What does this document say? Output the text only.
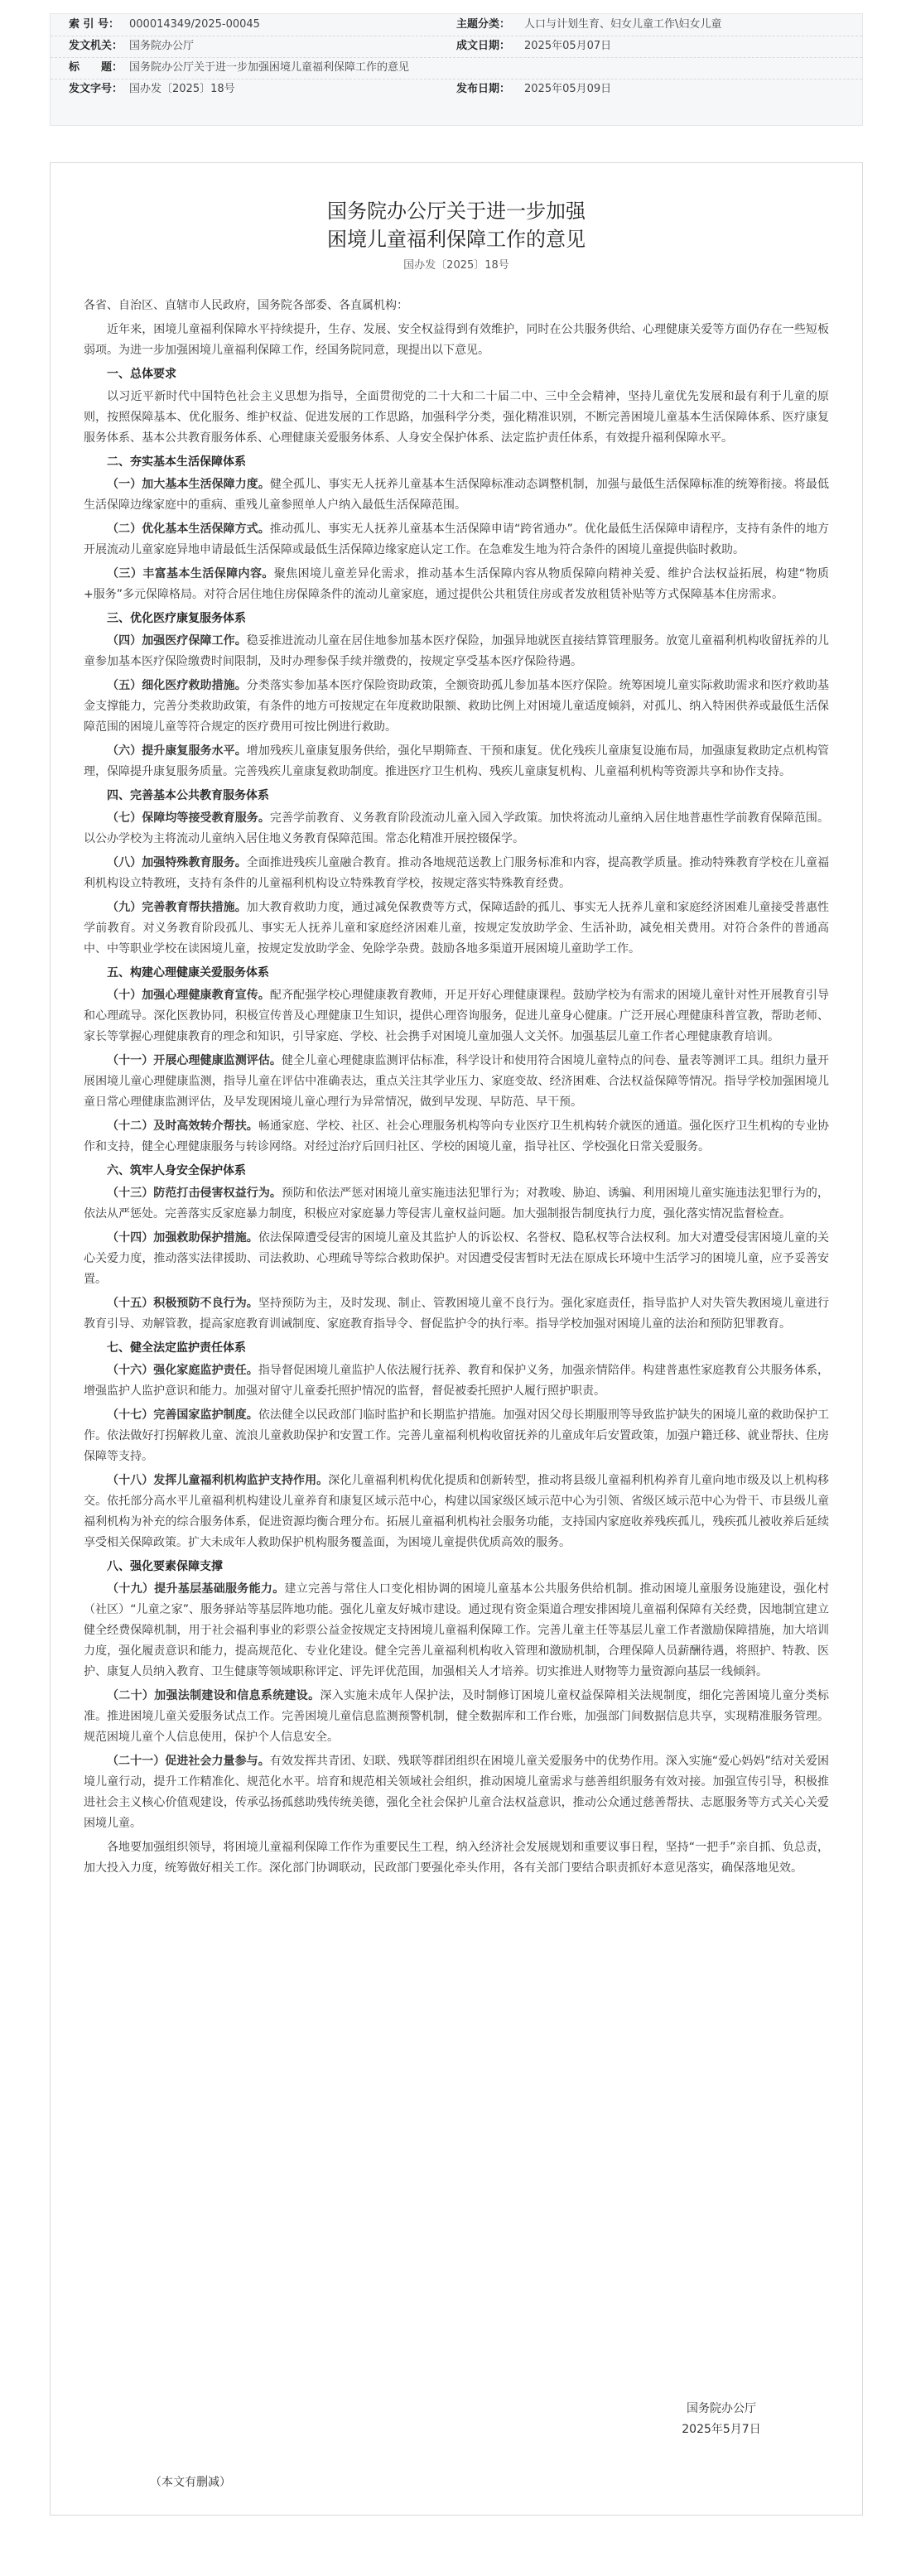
索 引 号： 000014349/2025-00045	主题分类： 人口与计划生育、妇女儿童工作\妇女儿童
发文机关： 国务院办公厅	成文日期： 2025年05月07日
标　　题： 国务院办公厅关于进一步加强困境儿童福利保障工作的意见
发文字号： 国办发〔2025〕18号	发布日期： 2025年05月09日
国务院办公厅关于进一步加强
困境儿童福利保障工作的意见
国办发〔2025〕18号

各省、自治区、直辖市人民政府，国务院各部委、各直属机构：

近年来，困境儿童福利保障水平持续提升，生存、发展、安全权益得到有效维护，同时在公共服务供给、心理健康关爱等方面仍存在一些短板弱项。为进一步加强困境儿童福利保障工作，经国务院同意，现提出以下意见。

一、总体要求

以习近平新时代中国特色社会主义思想为指导，全面贯彻党的二十大和二十届二中、三中全会精神，坚持儿童优先发展和最有利于儿童的原则，按照保障基本、优化服务、维护权益、促进发展的工作思路，加强科学分类，强化精准识别，不断完善困境儿童基本生活保障体系、医疗康复服务体系、基本公共教育服务体系、心理健康关爱服务体系、人身安全保护体系、法定监护责任体系，有效提升福利保障水平。

二、夯实基本生活保障体系

（一）加大基本生活保障力度。健全孤儿、事实无人抚养儿童基本生活保障标准动态调整机制，加强与最低生活保障标准的统筹衔接。将最低生活保障边缘家庭中的重病、重残儿童参照单人户纳入最低生活保障范围。

（二）优化基本生活保障方式。推动孤儿、事实无人抚养儿童基本生活保障申请“跨省通办”。优化最低生活保障申请程序，支持有条件的地方开展流动儿童家庭异地申请最低生活保障或最低生活保障边缘家庭认定工作。在急难发生地为符合条件的困境儿童提供临时救助。

（三）丰富基本生活保障内容。聚焦困境儿童差异化需求，推动基本生活保障内容从物质保障向精神关爱、维护合法权益拓展，构建“物质+服务”多元保障格局。对符合居住地住房保障条件的流动儿童家庭，通过提供公共租赁住房或者发放租赁补贴等方式保障基本住房需求。

三、优化医疗康复服务体系

（四）加强医疗保障工作。稳妥推进流动儿童在居住地参加基本医疗保险，加强异地就医直接结算管理服务。放宽儿童福利机构收留抚养的儿童参加基本医疗保险缴费时间限制，及时办理参保手续并缴费的，按规定享受基本医疗保险待遇。

（五）细化医疗救助措施。分类落实参加基本医疗保险资助政策，全额资助孤儿参加基本医疗保险。统筹困境儿童实际救助需求和医疗救助基金支撑能力，完善分类救助政策，有条件的地方可按规定在年度救助限额、救助比例上对困境儿童适度倾斜，对孤儿、纳入特困供养或最低生活保障范围的困境儿童等符合规定的医疗费用可按比例进行救助。

（六）提升康复服务水平。增加残疾儿童康复服务供给，强化早期筛查、干预和康复。优化残疾儿童康复设施布局，加强康复救助定点机构管理，保障提升康复服务质量。完善残疾儿童康复救助制度。推进医疗卫生机构、残疾儿童康复机构、儿童福利机构等资源共享和协作支持。

四、完善基本公共教育服务体系

（七）保障均等接受教育服务。完善学前教育、义务教育阶段流动儿童入园入学政策。加快将流动儿童纳入居住地普惠性学前教育保障范围。以公办学校为主将流动儿童纳入居住地义务教育保障范围。常态化精准开展控辍保学。

（八）加强特殊教育服务。全面推进残疾儿童融合教育。推动各地规范送教上门服务标准和内容，提高教学质量。推动特殊教育学校在儿童福利机构设立特教班，支持有条件的儿童福利机构设立特殊教育学校，按规定落实特殊教育经费。

（九）完善教育帮扶措施。加大教育救助力度，通过减免保教费等方式，保障适龄的孤儿、事实无人抚养儿童和家庭经济困难儿童接受普惠性学前教育。对义务教育阶段孤儿、事实无人抚养儿童和家庭经济困难儿童，按规定发放助学金、生活补助，减免相关费用。对符合条件的普通高中、中等职业学校在读困境儿童，按规定发放助学金、免除学杂费。鼓励各地多渠道开展困境儿童助学工作。

五、构建心理健康关爱服务体系

（十）加强心理健康教育宣传。配齐配强学校心理健康教育教师，开足开好心理健康课程。鼓励学校为有需求的困境儿童针对性开展教育引导和心理疏导。深化医教协同，积极宣传普及心理健康卫生知识，提供心理咨询服务，促进儿童身心健康。广泛开展心理健康科普宣教，帮助老师、家长等掌握心理健康教育的理念和知识，引导家庭、学校、社会携手对困境儿童加强人文关怀。加强基层儿童工作者心理健康教育培训。

（十一）开展心理健康监测评估。健全儿童心理健康监测评估标准，科学设计和使用符合困境儿童特点的问卷、量表等测评工具。组织力量开展困境儿童心理健康监测，指导儿童在评估中准确表达，重点关注其学业压力、家庭变故、经济困难、合法权益保障等情况。指导学校加强困境儿童日常心理健康监测评估，及早发现困境儿童心理行为异常情况，做到早发现、早防范、早干预。

（十二）及时高效转介帮扶。畅通家庭、学校、社区、社会心理服务机构等向专业医疗卫生机构转介就医的通道。强化医疗卫生机构的专业协作和支持，健全心理健康服务与转诊网络。对经过治疗后回归社区、学校的困境儿童，指导社区、学校强化日常关爱服务。

六、筑牢人身安全保护体系

（十三）防范打击侵害权益行为。预防和依法严惩对困境儿童实施违法犯罪行为；对教唆、胁迫、诱骗、利用困境儿童实施违法犯罪行为的，依法从严惩处。完善落实反家庭暴力制度，积极应对家庭暴力等侵害儿童权益问题。加大强制报告制度执行力度，强化落实情况监督检查。

（十四）加强救助保护措施。依法保障遭受侵害的困境儿童及其监护人的诉讼权、名誉权、隐私权等合法权利。加大对遭受侵害困境儿童的关心关爱力度，推动落实法律援助、司法救助、心理疏导等综合救助保护。对因遭受侵害暂时无法在原成长环境中生活学习的困境儿童，应予妥善安置。

（十五）积极预防不良行为。坚持预防为主，及时发现、制止、管教困境儿童不良行为。强化家庭责任，指导监护人对失管失教困境儿童进行教育引导、劝解管教，提高家庭教育训诫制度、家庭教育指导令、督促监护令的执行率。指导学校加强对困境儿童的法治和预防犯罪教育。

七、健全法定监护责任体系

（十六）强化家庭监护责任。指导督促困境儿童监护人依法履行抚养、教育和保护义务，加强亲情陪伴。构建普惠性家庭教育公共服务体系，增强监护人监护意识和能力。加强对留守儿童委托照护情况的监督，督促被委托照护人履行照护职责。

（十七）完善国家监护制度。依法健全以民政部门临时监护和长期监护措施。加强对因父母长期服刑等导致监护缺失的困境儿童的救助保护工作。依法做好打拐解救儿童、流浪儿童救助保护和安置工作。完善儿童福利机构收留抚养的儿童成年后安置政策，加强户籍迁移、就业帮扶、住房保障等支持。

（十八）发挥儿童福利机构监护支持作用。深化儿童福利机构优化提质和创新转型，推动将县级儿童福利机构养育儿童向地市级及以上机构移交。依托部分高水平儿童福利机构建设儿童养育和康复区域示范中心，构建以国家级区域示范中心为引领、省级区域示范中心为骨干、市县级儿童福利机构为补充的综合服务体系，促进资源均衡合理分布。拓展儿童福利机构社会服务功能，支持国内家庭收养残疾孤儿，残疾孤儿被收养后延续享受相关保障政策。扩大未成年人救助保护机构服务覆盖面，为困境儿童提供优质高效的服务。

八、强化要素保障支撑

（十九）提升基层基础服务能力。建立完善与常住人口变化相协调的困境儿童基本公共服务供给机制。推动困境儿童服务设施建设，强化村（社区）“儿童之家”、服务驿站等基层阵地功能。强化儿童友好城市建设。通过现有资金渠道合理安排困境儿童福利保障有关经费，因地制宜建立健全经费保障机制，用于社会福利事业的彩票公益金按规定支持困境儿童福利保障工作。完善儿童主任等基层儿童工作者激励保障措施，加大培训力度，强化履责意识和能力，提高规范化、专业化建设。健全完善儿童福利机构收入管理和激励机制，合理保障人员薪酬待遇，将照护、特教、医护、康复人员纳入教育、卫生健康等领域职称评定、评先评优范围，加强相关人才培养。切实推进人财物等力量资源向基层一线倾斜。

（二十）加强法制建设和信息系统建设。深入实施未成年人保护法，及时制修订困境儿童权益保障相关法规制度，细化完善困境儿童分类标准。推进困境儿童关爱服务试点工作。完善困境儿童信息监测预警机制，健全数据库和工作台账，加强部门间数据信息共享，实现精准服务管理。规范困境儿童个人信息使用，保护个人信息安全。

（二十一）促进社会力量参与。有效发挥共青团、妇联、残联等群团组织在困境儿童关爱服务中的优势作用。深入实施“爱心妈妈”结对关爱困境儿童行动，提升工作精准化、规范化水平。培育和规范相关领域社会组织，推动困境儿童需求与慈善组织服务有效对接。加强宣传引导，积极推进社会主义核心价值观建设，传承弘扬孤慈助残传统美德，强化全社会保护儿童合法权益意识，推动公众通过慈善帮扶、志愿服务等方式关心关爱困境儿童。

各地要加强组织领导，将困境儿童福利保障工作作为重要民生工程，纳入经济社会发展规划和重要议事日程，坚持“一把手”亲自抓、负总责，加大投入力度，统筹做好相关工作。深化部门协调联动，民政部门要强化牵头作用，各有关部门要结合职责抓好本意见落实，确保落地见效。

国务院办公厅
2025年5月7日
（本文有删减）
